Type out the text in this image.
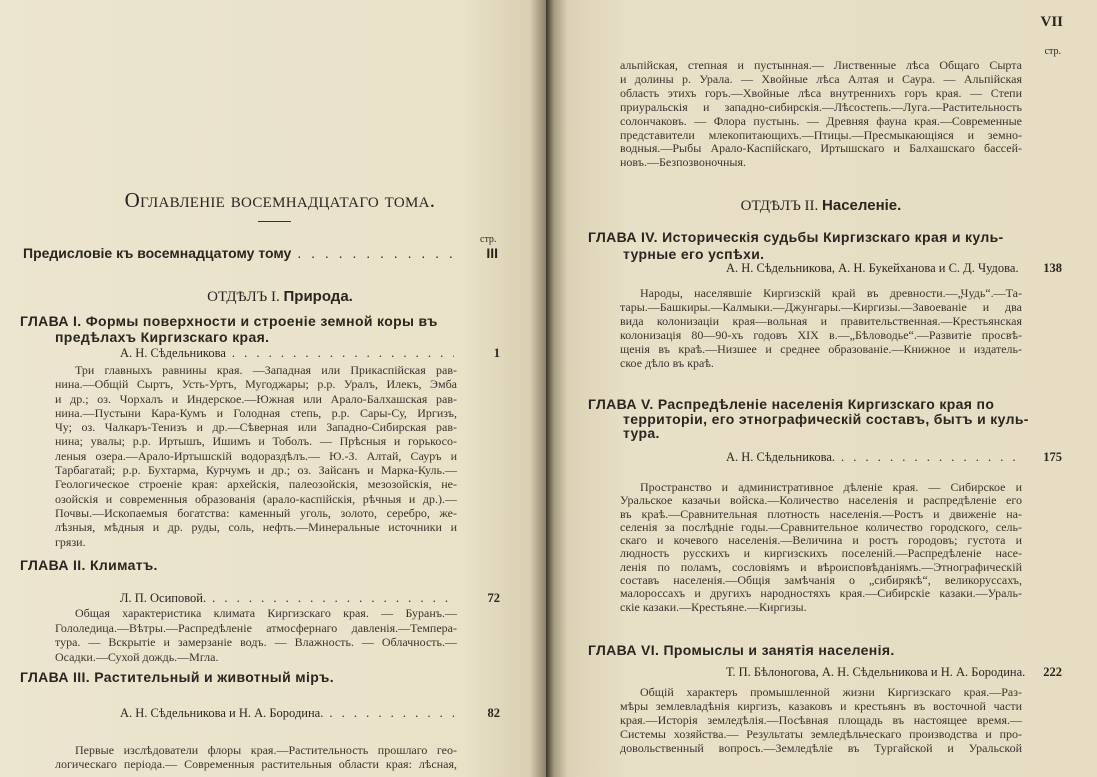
Оглавленіе восемнадцатаго тома.
стр.
Предисловіе къ восемнадцатому тому . . .	III
ОТДѢЛЪ I. Природа.
ГЛАВА I. Формы поверхности и строеніе земной коры въ
предѣлахъ Киргизскаго края.
А. Н. Сѣдельникова . . .	1
Три главныхъ равнины края. —Западная или Прикаспійская рав-
нина.—Общій Сыртъ, Усть-Уртъ, Мугоджары; р.р. Уралъ, Илекъ, Эмба
и др.; оз. Чорхалъ и Индерское.—Южная или Арало-Балхашская рав-
нина.—Пустыни Кара-Кумъ и Голодная степь, р.р. Сары-Су, Иргизъ,
Чу; оз. Чалкаръ-Тенизъ и др.—Сѣверная или Западно-Сибирская рав-
нина; увалы; р.р. Иртышъ, Ишимъ и Тоболъ. — Прѣсныя и горькосо-
леныя озера.—Арало-Иртышскій водораздѣлъ.— Ю.-З. Алтай, Сауръ и
Тарбагатай; р.р. Бухтарма, Курчумъ и др.; оз. Зайсанъ и Марка-Куль.—
Геологическое строеніе края: архейскія, палеозойскія, мезозойскія, не-
озойскія и современныя образованія (арало-каспійскія, рѣчныя и др.).—
Почвы.—Ископаемыя богатства: каменный уголь, золото, серебро, же-
лѣзныя, мѣдныя и др. руды, соль, нефть.—Минеральные источники и
грязи.
ГЛАВА II. Климатъ.
Л. П. Осиповой. . . .	72
Общая характеристика климата Киргизскаго края. — Буранъ.—
Гололедица.—Вѣтры.—Распредѣленіе атмосфернаго давленія.—Темпера-
тура. — Вскрытіе и замерзаніе водъ. — Влажность. — Облачность.—
Осадки.—Сухой дождь.—Мгла.
ГЛАВА III. Растительный и животный міръ.
А. Н. Сѣдельникова и Н. А. Бородина. . . .	82
Первые изслѣдователи флоры края.—Растительность прошлаго гео-
логическаго періода.— Современныя растительныя области края: лѣсная,
VII
стр.
альпійская, степная и пустынная.— Лиственные лѣса Общаго Сырта
и долины р. Урала. — Хвойные лѣса Алтая и Саура. — Альпійская
область этихъ горъ.—Хвойные лѣса внутреннихъ горъ края. — Степи
приуральскія и западно-сибирскія.—Лѣсостепь.—Луга.—Растительность
солончаковъ. — Флора пустынь. — Древняя фауна края.—Современные
представители млекопитающихъ.—Птицы.—Пресмыкающіяся и земно-
водныя.—Рыбы Арало-Каспійскаго, Иртышскаго и Балхашскаго бассей-
новъ.—Безпозвоночныя.
ОТДѢЛЪ II. Населеніе.
ГЛАВА IV. Историческія судьбы Киргизскаго края и куль-
турные его успѣхи.
А. Н. Сѣдельникова, А. Н. Букейханова и С. Д. Чудова.	138
Народы, населявшіе Киргизскій край въ древности.—„Чудь“.—Та-
тары.—Башкиры.—Калмыки.—Джунгары.—Киргизы.—Завоеваніе и два
вида колонизаціи края—вольная и правительственная.—Крестьянская
колонизація 80—90-хъ годовъ XIX в.—„Бѣловодье“.—Развитіе просвѣ-
щенія въ краѣ.—Низшее и среднее образованіе.—Книжное и издатель-
ское дѣло въ краѣ.
ГЛАВА V. Распредѣленіе населенія Киргизскаго края по
территоріи, его этнографическій составъ, бытъ и куль-
тура.
А. Н. Сѣдельникова. . . .	175
Пространство и административное дѣленіе края. — Сибирское и
Уральское казачьи войска.—Количество населенія и распредѣленіе его
въ краѣ.—Сравнительная плотность населенія.—Ростъ и движеніе на-
селенія за послѣдніе годы.—Сравнительное количество городского, сель-
скаго и кочевого населенія.—Величина и ростъ городовъ; густота и
людность русскихъ и киргизскихъ поселеній.—Распредѣленіе насе-
ленія по поламъ, сословіямъ и вѣроисповѣданіямъ.—Этнографическій
составъ населенія.—Общія замѣчанія о „сибирякѣ“, великоруссахъ,
малороссахъ и другихъ народностяхъ края.—Сибирскіе казаки.—Ураль-
скіе казаки.—Крестьяне.—Киргизы.
ГЛАВА VI. Промыслы и занятія населенія.
Т. П. Бѣлоногова, А. Н. Сѣдельникова и Н. А. Бородина.	222
Общій характеръ промышленной жизни Киргизскаго края.—Раз-
мѣры землевладѣнія киргизъ, казаковъ и крестьянъ въ восточной части
края.—Исторія земледѣлія.—Посѣвная площадь въ настоящее время.—
Системы хозяйства.— Результаты земледѣльческаго производства и про-
довольственный вопросъ.—Земледѣліе въ Тургайской и Уральской
